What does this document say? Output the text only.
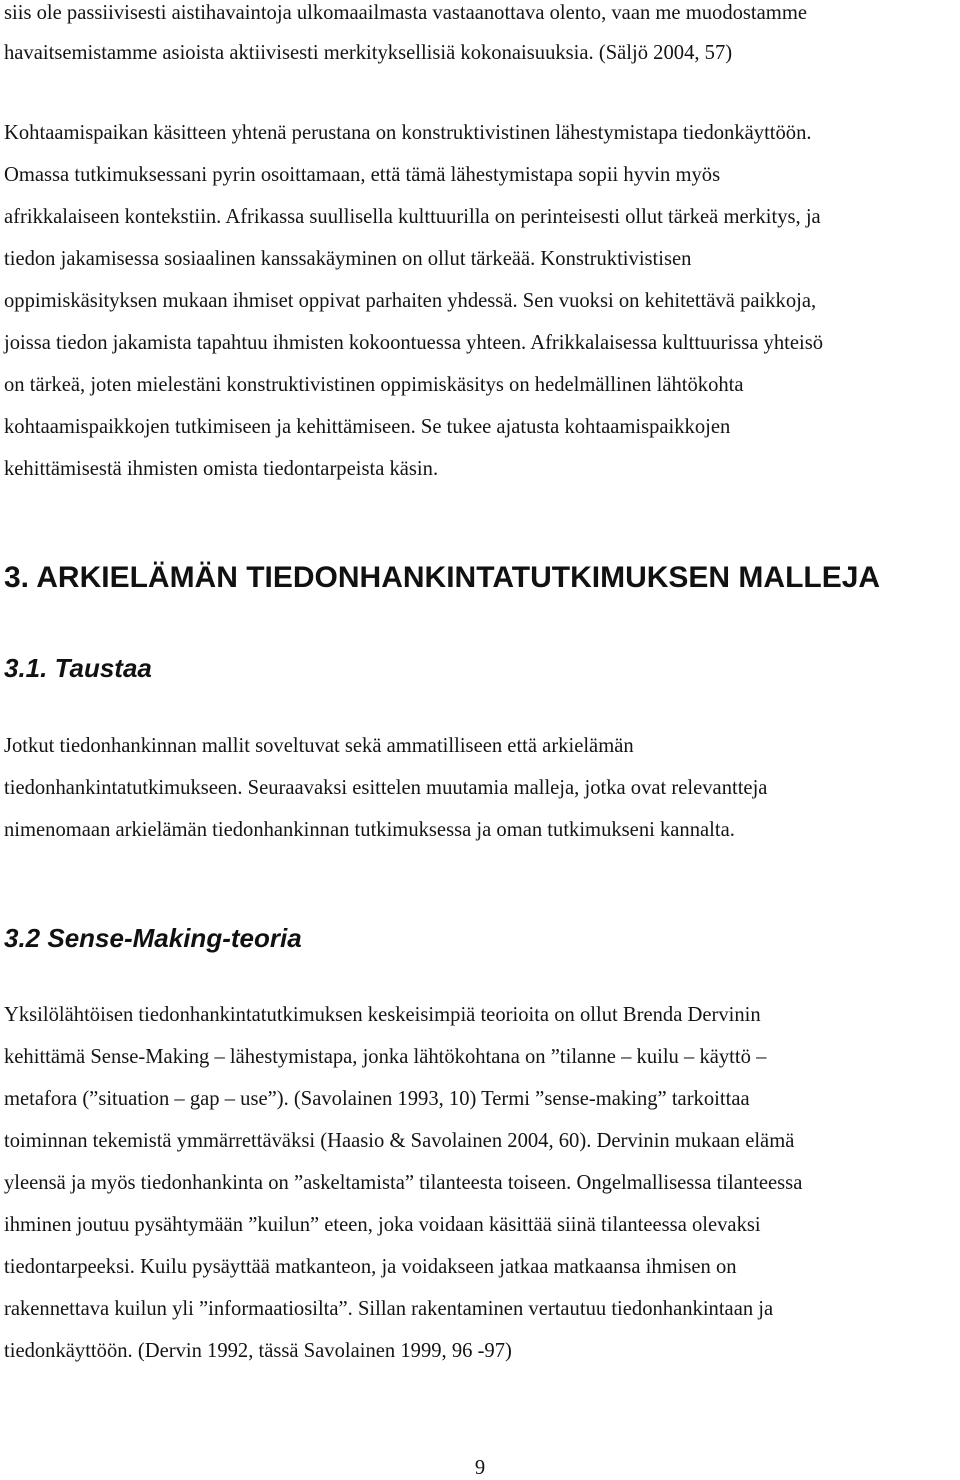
siis ole passiivisesti aistihavaintoja ulkomaailmasta vastaanottava olento, vaan me muodostamme
havaitsemistamme asioista aktiivisesti merkityksellisiä kokonaisuuksia. (Säljö 2004, 57)
Kohtaamispaikan käsitteen yhtenä perustana on konstruktivistinen lähestymistapa tiedonkäyttöön.
Omassa tutkimuksessani pyrin osoittamaan, että tämä lähestymistapa sopii hyvin myös
afrikkalaiseen kontekstiin. Afrikassa suullisella kulttuurilla on perinteisesti ollut tärkeä merkitys, ja
tiedon jakamisessa sosiaalinen kanssakäyminen on ollut tärkeää. Konstruktivistisen
oppimiskäsityksen mukaan ihmiset oppivat parhaiten yhdessä. Sen vuoksi on kehitettävä paikkoja,
joissa tiedon jakamista tapahtuu ihmisten kokoontuessa yhteen. Afrikkalaisessa kulttuurissa yhteisö
on tärkeä, joten mielestäni konstruktivistinen oppimiskäsitys on hedelmällinen lähtökohta
kohtaamispaikkojen tutkimiseen ja kehittämiseen. Se tukee ajatusta kohtaamispaikkojen
kehittämisestä ihmisten omista tiedontarpeista käsin.
3. ARKIELÄMÄN TIEDONHANKINTATUTKIMUKSEN MALLEJA
3.1. Taustaa
Jotkut tiedonhankinnan mallit soveltuvat sekä ammatilliseen että arkielämän
tiedonhankintatutkimukseen. Seuraavaksi esittelen muutamia malleja, jotka ovat relevantteja
nimenomaan arkielämän tiedonhankinnan tutkimuksessa ja oman tutkimukseni kannalta.
3.2 Sense-Making-teoria
Yksilölähtöisen tiedonhankintatutkimuksen keskeisimpiä teorioita on ollut Brenda Dervinin
kehittämä Sense-Making – lähestymistapa, jonka lähtökohtana on ”tilanne – kuilu – käyttö –
metafora (”situation – gap – use”). (Savolainen 1993, 10) Termi ”sense-making” tarkoittaa
toiminnan tekemistä ymmärrettäväksi (Haasio & Savolainen 2004, 60). Dervinin mukaan elämä
yleensä ja myös tiedonhankinta on ”askeltamista” tilanteesta toiseen. Ongelmallisessa tilanteessa
ihminen joutuu pysähtymään ”kuilun” eteen, joka voidaan käsittää siinä tilanteessa olevaksi
tiedontarpeeksi. Kuilu pysäyttää matkanteon, ja voidakseen jatkaa matkaansa ihmisen on
rakennettava kuilun yli ”informaatiosilta”. Sillan rakentaminen vertautuu tiedonhankintaan ja
tiedonkäyttöön. (Dervin 1992, tässä Savolainen 1999, 96 -97)
9
